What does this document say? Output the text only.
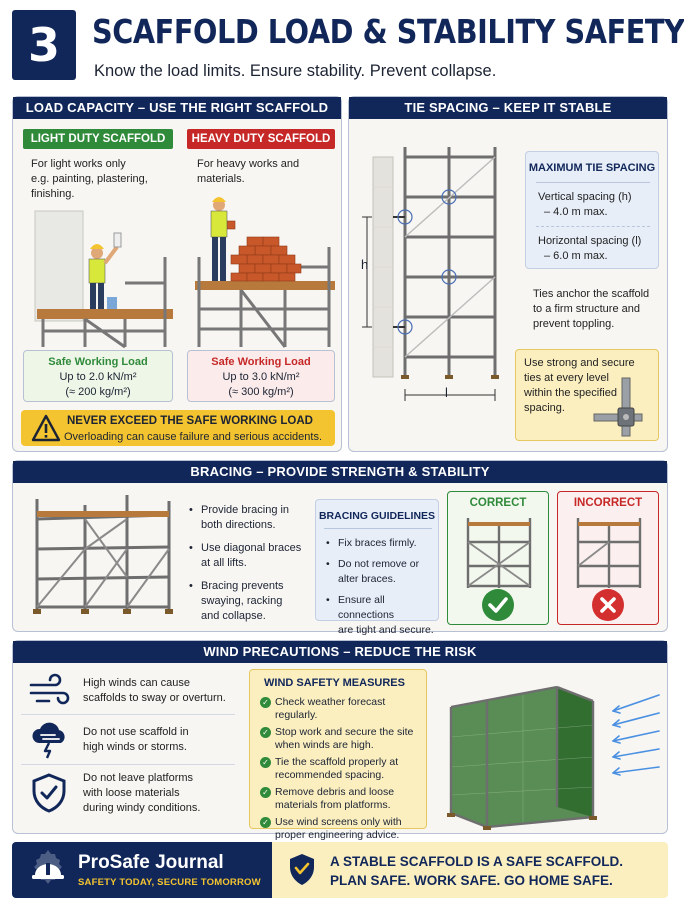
3 SCAFFOLD LOAD & STABILITY SAFETY
Know the load limits. Ensure stability. Prevent collapse.
LOAD CAPACITY – USE THE RIGHT SCAFFOLD
LIGHT DUTY SCAFFOLD	HEAVY DUTY SCAFFOLD
For light works only
e.g. painting, plastering,
finishing.
For heavy works and
materials.
Safe Working Load
Up to 2.0 kN/m²
(≈ 200 kg/m²)
Safe Working Load
Up to 3.0 kN/m²
(≈ 300 kg/m²)
NEVER EXCEED THE SAFE WORKING LOAD
Overloading can cause failure and serious accidents.
TIE SPACING – KEEP IT STABLE
h
l
MAXIMUM TIE SPACING
Vertical spacing (h)
– 4.0 m max.
Horizontal spacing (l)
– 6.0 m max.
Ties anchor the scaffold
to a firm structure and
prevent toppling.
Use strong and secure
ties at every level
within the specified
spacing.
BRACING – PROVIDE STRENGTH & STABILITY
• Provide bracing in
both directions.
• Use diagonal braces
at all lifts.
• Bracing prevents
swaying, racking
and collapse.
BRACING GUIDELINES
• Fix braces firmly.
• Do not remove or
alter braces.
• Ensure all connections
are tight and secure.
CORRECT	INCORRECT
WIND PRECAUTIONS – REDUCE THE RISK
High winds can cause
scaffolds to sway or overturn.
Do not use scaffold in
high winds or storms.
Do not leave platforms
with loose materials
during windy conditions.
WIND SAFETY MEASURES
✓ Check weather forecast regularly.
✓ Stop work and secure the site
when winds are high.
✓ Tie the scaffold properly at
recommended spacing.
✓ Remove debris and loose
materials from platforms.
✓ Use wind screens only with
proper engineering advice.
ProSafe Journal
SAFETY TODAY, SECURE TOMORROW
A STABLE SCAFFOLD IS A SAFE SCAFFOLD.
PLAN SAFE. WORK SAFE. GO HOME SAFE.
